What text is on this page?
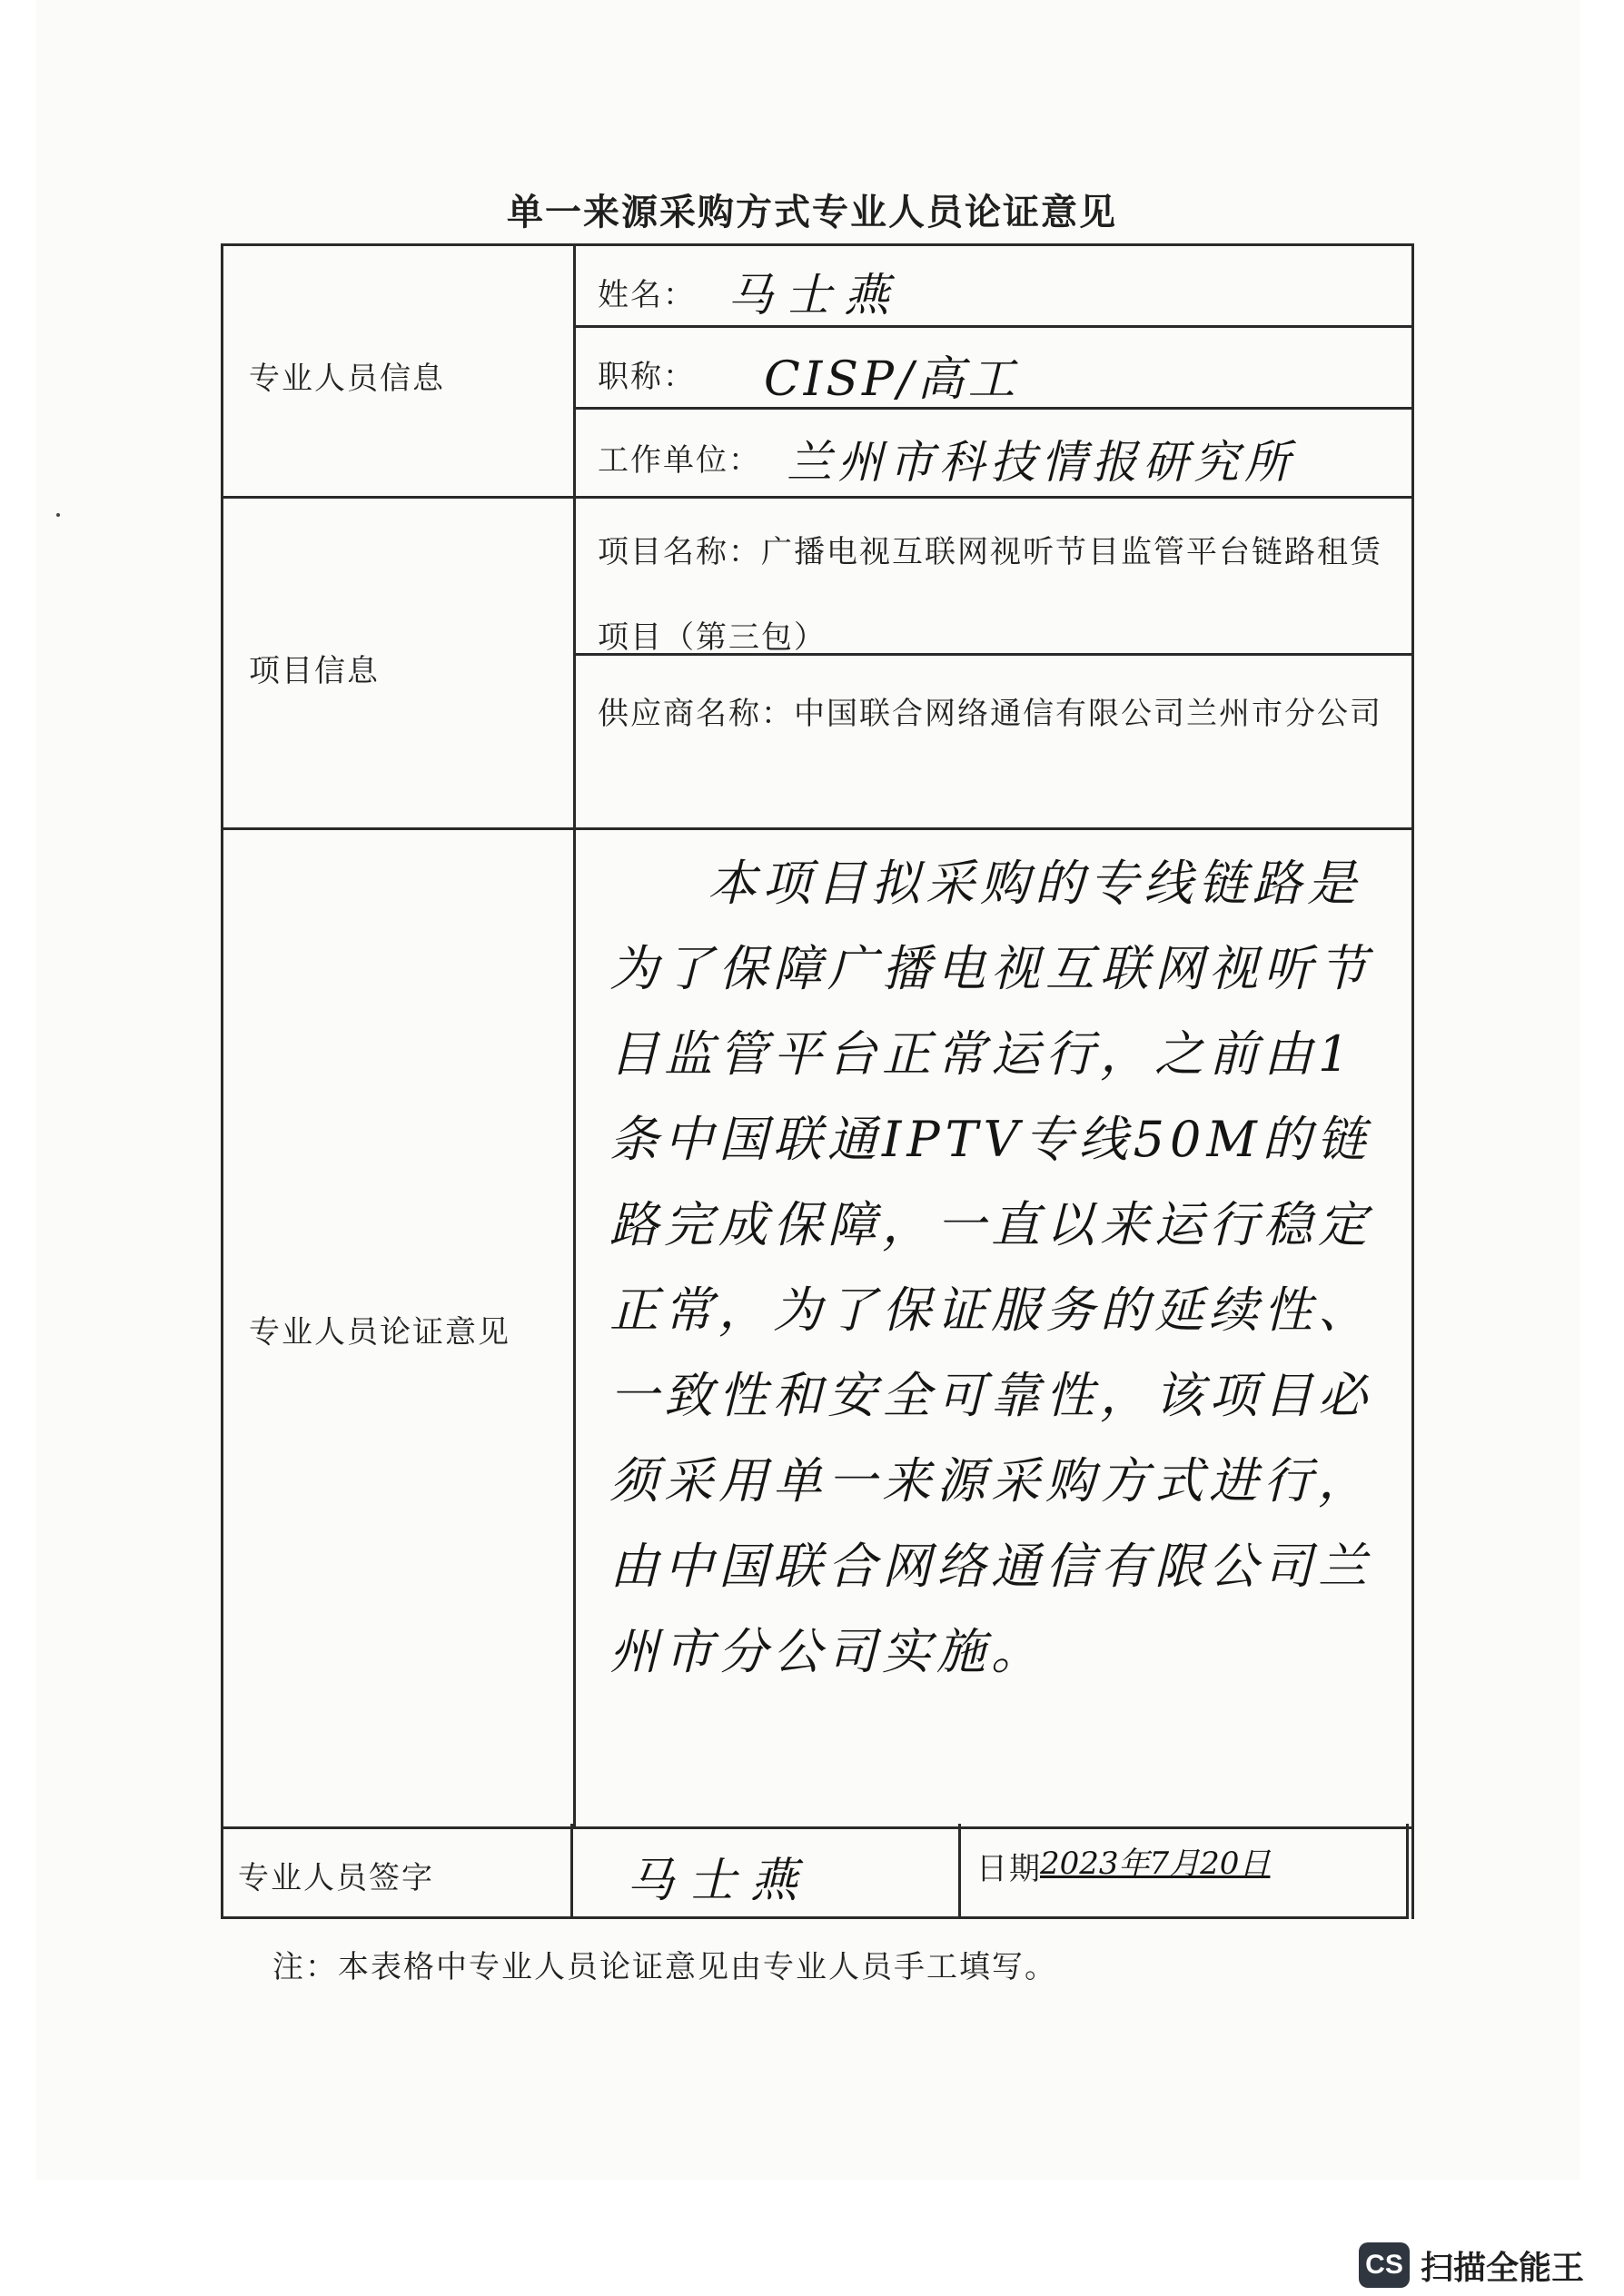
单一来源采购方式专业人员论证意见
专业人员信息
项目信息
专业人员论证意见
姓名： 马士燕
职称： CISP/高工
工作单位： 兰州市科技情报研究所
项目名称：广播电视互联网视听节目监管平台链路租赁项目（第三包）
供应商名称：中国联合网络通信有限公司兰州市分公司
本项目拟采购的专线链路是为了保障广播电视互联网视听节目监管平台正常运行，之前由1条中国联通IPTV专线50M的链路完成保障，一直以来运行稳定正常，为了保证服务的延续性、一致性和安全可靠性，该项目必须采用单一来源采购方式进行，由中国联合网络通信有限公司兰州市分公司实施。
专业人员签字	马士燕	日期
2023年7月20日
注：本表格中专业人员论证意见由专业人员手工填写。
CS 扫描全能王
